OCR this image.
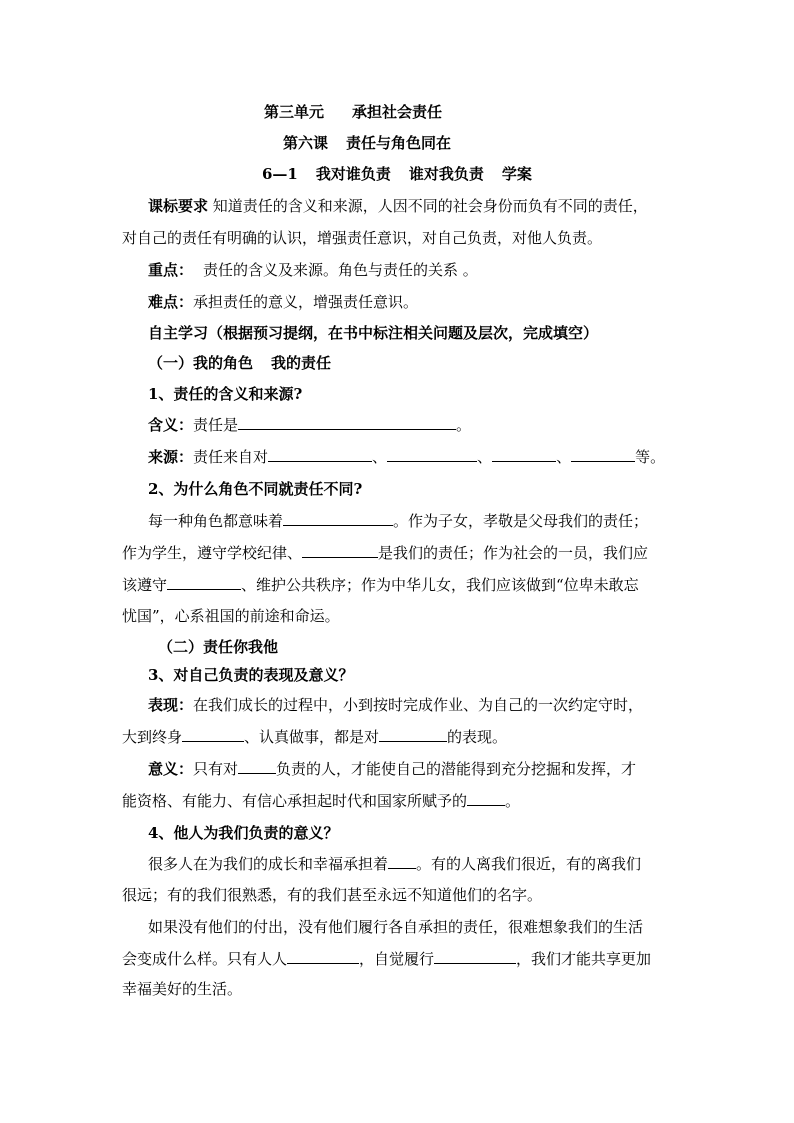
第三单元 承担社会责任
第六课 责任与角色同在
6—1 我对谁负责 谁对我负责 学案
课标要求 知道责任的含义和来源，人因不同的社会身份而负有不同的责任，
对自己的责任有明确的认识，增强责任意识，对自己负责，对他人负责。
重点： 责任的含义及来源。角色与责任的关系 。
难点：承担责任的意义，增强责任意识。
自主学习（根据预习提纲，在书中标注相关问题及层次，完成填空）
（一）我的角色 我的责任
1、责任的含义和来源?
含义：责任是	。
来源：责任来自对	、	、	、	等。
2、为什么角色不同就责任不同?
每一种角色都意味着	。作为子女，孝敬是父母我们的责任；
作为学生，遵守学校纪律、	是我们的责任；作为社会的一员，我们应
该遵守	、维护公共秩序；作为中华儿女，我们应该做到“位卑未敢忘
忧国”，心系祖国的前途和命运。
（二）责任你我他
3、对自己负责的表现及意义？
表现：在我们成长的过程中，小到按时完成作业、为自己的一次约定守时，
大到终身	、认真做事，都是对	的表现。
意义：只有对	负责的人，才能使自己的潜能得到充分挖掘和发挥，才
能资格、有能力、有信心承担起时代和国家所赋予的	。
4、他人为我们负责的意义？
很多人在为我们的成长和幸福承担着 。有的人离我们很近，有的离我们
很远；有的我们很熟悉，有的我们甚至永远不知道他们的名字。
如果没有他们的付出，没有他们履行各自承担的责任，很难想象我们的生活
会变成什么样。只有人人	，自觉履行	，我们才能共享更加
幸福美好的生活。
